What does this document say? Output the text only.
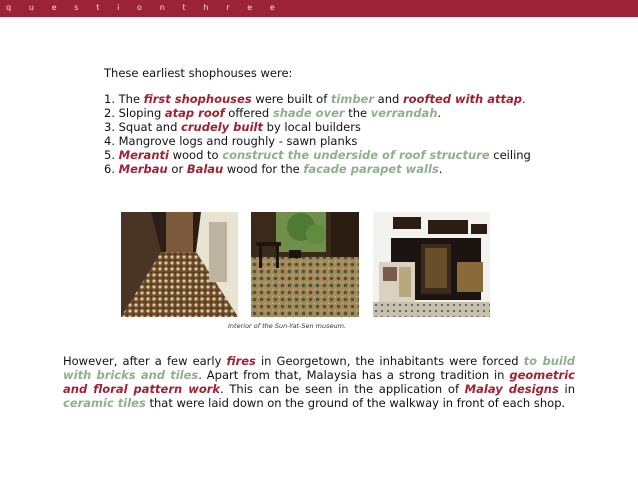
q u e s t i o n t h r e e
These earliest shophouses were:
1. The first shophouses were built of timber and roofted with attap.
2. Sloping atap roof offered shade over the verrandah.
3. Squat and crudely built by local builders
4. Mangrove logs and roughly - sawn planks
5. Meranti wood to construct the underside of roof structure ceiling
6. Merbau or Balau wood for the facade parapet walls.
Interior of the Sun-Yat-Sen museum.
However, after a few early fires in Georgetown, the inhabitants were forced to build with bricks and tiles. Apart from that, Malaysia has a strong tradition in geometric and floral pattern work. This can be seen in the application of Malay designs in ceramic tiles that were laid down on the ground of the walkway in front of each shop.
